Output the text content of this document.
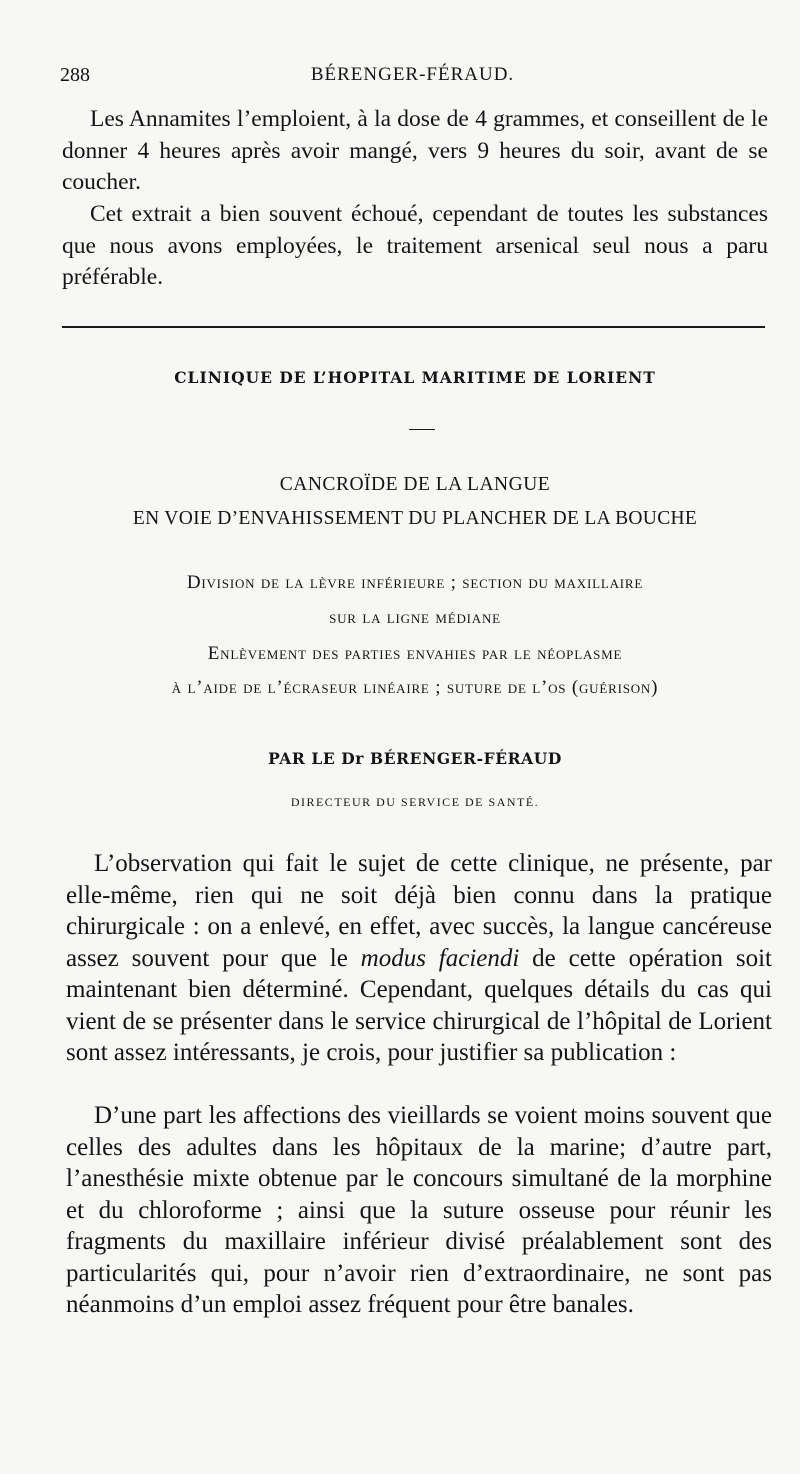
288	BÉRENGER-FÉRAUD.

Les Annamites l’emploient, à la dose de 4 grammes, et conseillent de le donner 4 heures après avoir mangé, vers 9 heures du soir, avant de se coucher.

Cet extrait a bien souvent échoué, cependant de toutes les substances que nous avons employées, le traitement arsenical seul nous a paru préférable.

CLINIQUE DE L’HOPITAL MARITIME DE LORIENT

CANCROÏDE DE LA LANGUE

EN VOIE D’ENVAHISSEMENT DU PLANCHER DE LA BOUCHE

Division de la lèvre inférieure ; section du maxillaire

sur la ligne médiane

Enlèvement des parties envahies par le néoplasme

à l’aide de l’écraseur linéaire ; suture de l’os (guérison)

PAR LE Dr BÉRENGER-FÉRAUD

DIRECTEUR DU SERVICE DE SANTÉ.

L’observation qui fait le sujet de cette clinique, ne présente, par elle-même, rien qui ne soit déjà bien connu dans la pratique chirurgicale : on a enlevé, en effet, avec succès, la langue cancéreuse assez souvent pour que le modus faciendi de cette opération soit maintenant bien déterminé. Cependant, quelques détails du cas qui vient de se présenter dans le service chirurgical de l’hôpital de Lorient sont assez intéressants, je crois, pour justifier sa publication :

D’une part les affections des vieillards se voient moins souvent que celles des adultes dans les hôpitaux de la marine; d’autre part, l’anesthésie mixte obtenue par le concours simultané de la morphine et du chloroforme ; ainsi que la suture osseuse pour réunir les fragments du maxillaire inférieur divisé préalablement sont des particularités qui, pour n’avoir rien d’extraordinaire, ne sont pas néanmoins d’un emploi assez fréquent pour être banales.
